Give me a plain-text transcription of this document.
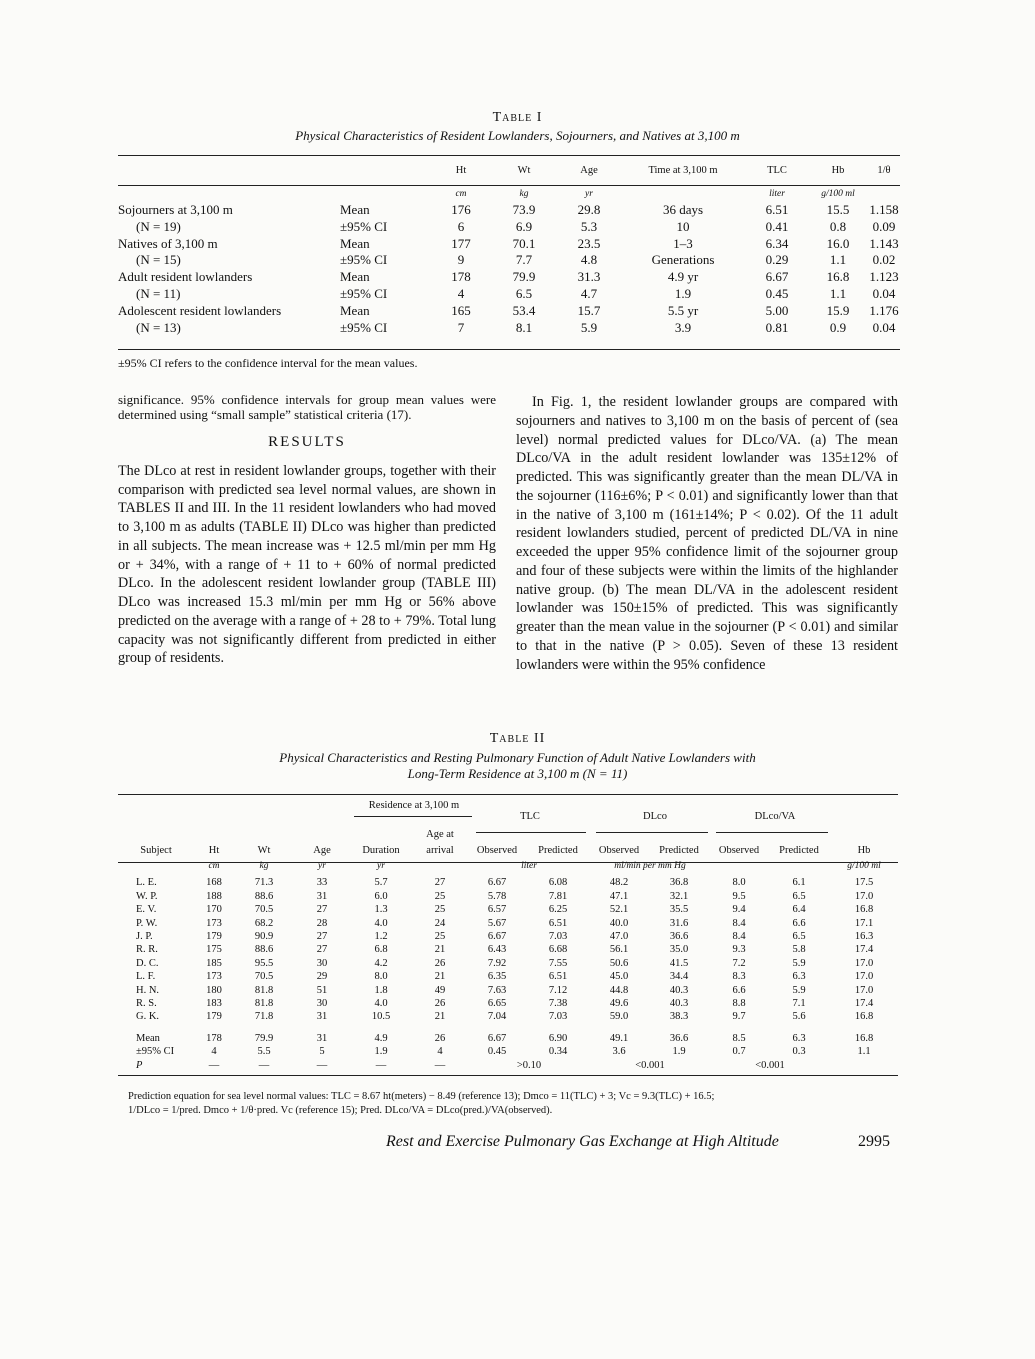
Table I
Physical Characteristics of Resident Lowlanders, Sojourners, and Natives at 3,100 m
		Ht	Wt	Age	Time at 3,100 m	TLC	Hb	1/θ
		cm	kg	yr		liter	g/100 ml	
Sojourners at 3,100 m	Mean	176	73.9	29.8	36 days	6.51	15.5	1.158
(N = 19)	±95% CI	6	6.9	5.3	10	0.41	0.8	0.09
Natives of 3,100 m	Mean	177	70.1	23.5	1–3	6.34	16.0	1.143
(N = 15)	±95% CI	9	7.7	4.8	Generations	0.29	1.1	0.02
Adult resident lowlanders	Mean	178	79.9	31.3	4.9 yr	6.67	16.8	1.123
(N = 11)	±95% CI	4	6.5	4.7	1.9	0.45	1.1	0.04
Adolescent resident lowlanders	Mean	165	53.4	15.7	5.5 yr	5.00	15.9	1.176
(N = 13)	±95% CI	7	8.1	5.9	3.9	0.81	0.9	0.04
±95% CI refers to the confidence interval for the mean values.

significance. 95% confidence intervals for group mean values were determined using “small sample” statistical criteria (17).

RESULTS

The DLco at rest in resident lowlander groups, together with their comparison with predicted sea level normal values, are shown in TABLES II and III. In the 11 resident lowlanders who had moved to 3,100 m as adults (TABLE II) DLco was higher than predicted in all subjects. The mean increase was + 12.5 ml/min per mm Hg or + 34%, with a range of + 11 to + 60% of normal predicted DLco. In the adolescent resident lowlander group (TABLE III) DLco was increased 15.3 ml/min per mm Hg or 56% above predicted on the average with a range of + 28 to + 79%. Total lung capacity was not significantly different from predicted in either group of residents.

In Fig. 1, the resident lowlander groups are compared with sojourners and natives to 3,100 m on the basis of percent of (sea level) normal predicted values for DLco/VA. (a) The mean DLco/VA in the adult resident lowlander was 135±12% of predicted. This was significantly greater than the mean DL/VA in the sojourner (116±6%; P < 0.01) and significantly lower than that in the native of 3,100 m (161±14%; P < 0.02). Of the 11 adult resident lowlanders studied, percent of predicted DL/VA in nine exceeded the upper 95% confidence limit of the sojourner group and four of these subjects were within the limits of the highlander native group. (b) The mean DL/VA in the adolescent resident lowlander was 150±15% of predicted. This was significantly greater than the mean value in the sojourner (P < 0.01) and similar to that in the native (P > 0.05). Seven of these 13 resident lowlanders were within the 95% confidence

Table II
Physical Characteristics and Resting Pulmonary Function of Adult Native Lowlanders with
Long-Term Residence at 3,100 m (N = 11)
Residence at 3,100 m
TLC	DLco	DLco/VA
					Age at							
Subject	Ht	Wt	Age	Duration	arrival	Observed	Predicted	Observed	Predicted	Observed	Predicted	Hb
	cm	kg	yr	yr		liter		ml/min per mm Hg				g/100 ml
L. E.	168	71.3	33	5.7	27	6.67	6.08	48.2	36.8	8.0	6.1	17.5
W. P.	188	88.6	31	6.0	25	5.78	7.81	47.1	32.1	9.5	6.5	17.0
E. V.	170	70.5	27	1.3	25	6.57	6.25	52.1	35.5	9.4	6.4	16.8
P. W.	173	68.2	28	4.0	24	5.67	6.51	40.0	31.6	8.4	6.6	17.1
J. P.	179	90.9	27	1.2	25	6.67	7.03	47.0	36.6	8.4	6.5	16.3
R. R.	175	88.6	27	6.8	21	6.43	6.68	56.1	35.0	9.3	5.8	17.4
D. C.	185	95.5	30	4.2	26	7.92	7.55	50.6	41.5	7.2	5.9	17.0
L. F.	173	70.5	29	8.0	21	6.35	6.51	45.0	34.4	8.3	6.3	17.0
H. N.	180	81.8	51	1.8	49	7.63	7.12	44.8	40.3	6.6	5.9	17.0
R. S.	183	81.8	30	4.0	26	6.65	7.38	49.6	40.3	8.8	7.1	17.4
G. K.	179	71.8	31	10.5	21	7.04	7.03	59.0	38.3	9.7	5.6	16.8

Mean	178	79.9	31	4.9	26	6.67	6.90	49.1	36.6	8.5	6.3	16.8
±95% CI	4	5.5	5	1.9	4	0.45	0.34	3.6	1.9	0.7	0.3	1.1
P	—	—	—	—	—	>0.10		<0.001		<0.001		
Prediction equation for sea level normal values: TLC = 8.67 ht(meters) − 8.49 (reference 13); Dmco = 11(TLC) + 3; Vc = 9.3(TLC) + 16.5;
1/DLco = 1/pred. Dmco + 1/θ·pred. Vc (reference 15); Pred. DLco/VA = DLco(pred.)/VA(observed).
Rest and Exercise Pulmonary Gas Exchange at High Altitude	2995
